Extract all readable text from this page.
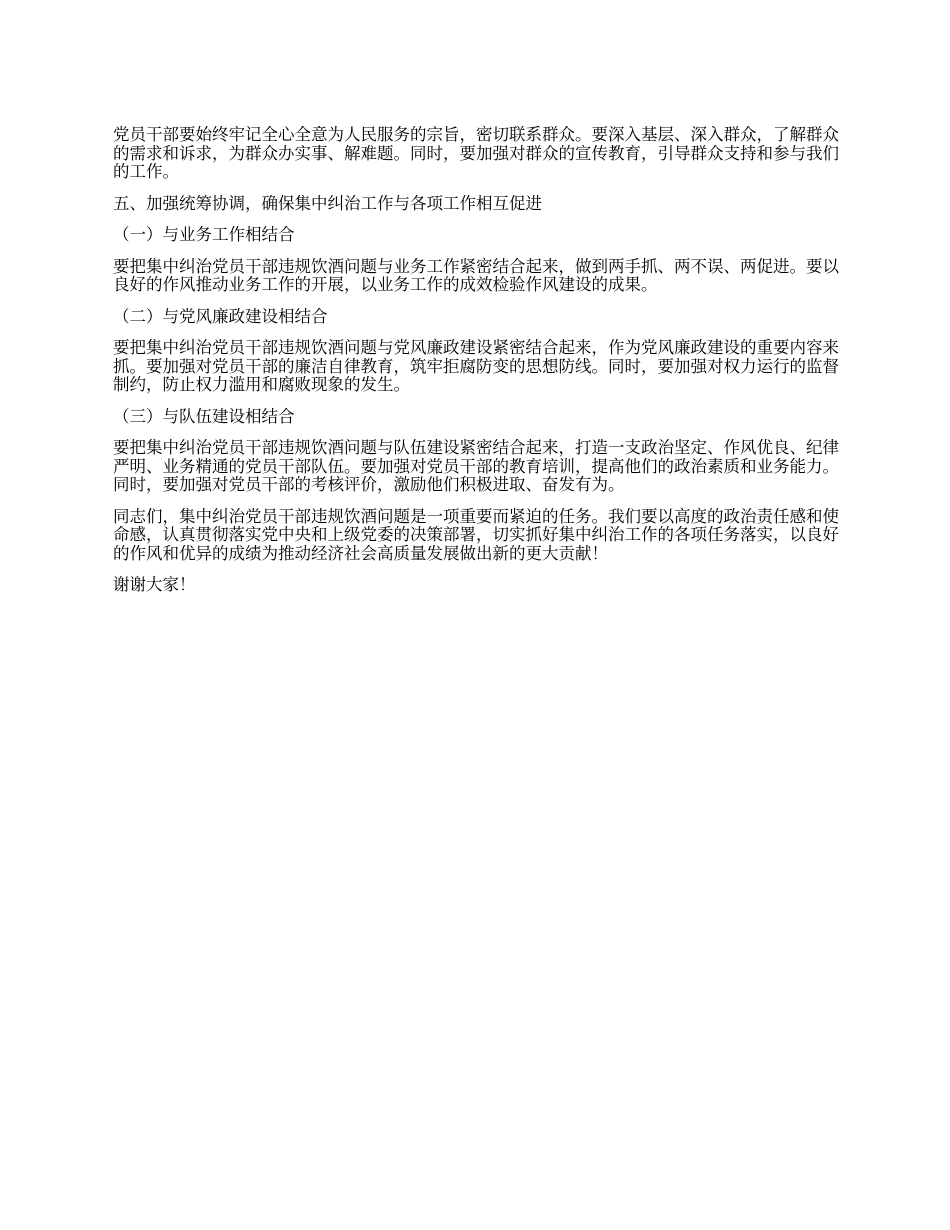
党员干部要始终牢记全心全意为人民服务的宗旨，密切联系群众。要深入基层、深入群众，了解群众的需求和诉求，为群众办实事、解难题。同时，要加强对群众的宣传教育，引导群众支持和参与我们的工作。

五、加强统筹协调，确保集中纠治工作与各项工作相互促进

（一）与业务工作相结合

要把集中纠治党员干部违规饮酒问题与业务工作紧密结合起来，做到两手抓、两不误、两促进。要以良好的作风推动业务工作的开展，以业务工作的成效检验作风建设的成果。

（二）与党风廉政建设相结合

要把集中纠治党员干部违规饮酒问题与党风廉政建设紧密结合起来，作为党风廉政建设的重要内容来抓。要加强对党员干部的廉洁自律教育，筑牢拒腐防变的思想防线。同时，要加强对权力运行的监督制约，防止权力滥用和腐败现象的发生。

（三）与队伍建设相结合

要把集中纠治党员干部违规饮酒问题与队伍建设紧密结合起来，打造一支政治坚定、作风优良、纪律严明、业务精通的党员干部队伍。要加强对党员干部的教育培训，提高他们的政治素质和业务能力。同时，要加强对党员干部的考核评价，激励他们积极进取、奋发有为。

同志们，集中纠治党员干部违规饮酒问题是一项重要而紧迫的任务。我们要以高度的政治责任感和使命感，认真贯彻落实党中央和上级党委的决策部署，切实抓好集中纠治工作的各项任务落实，以良好的作风和优异的成绩为推动经济社会高质量发展做出新的更大贡献！

谢谢大家！
